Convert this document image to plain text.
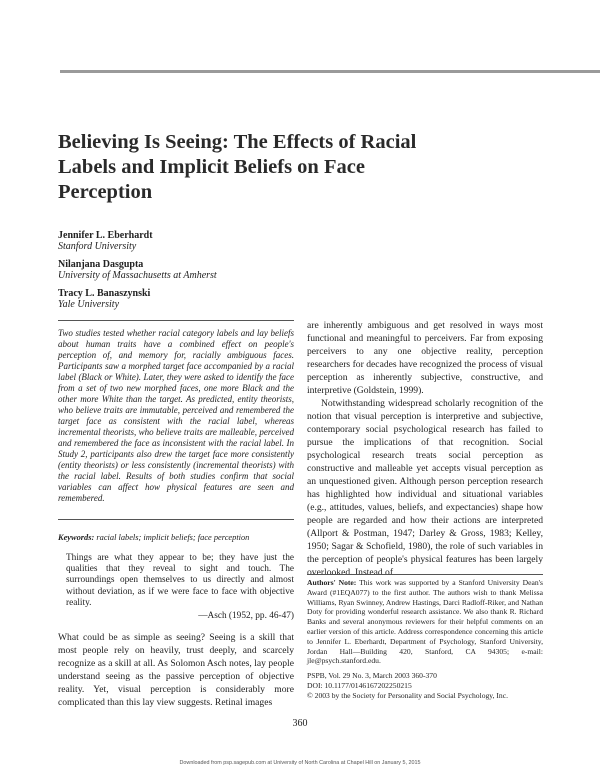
Believing Is Seeing: The Effects of Racial Labels and Implicit Beliefs on Face Perception
Jennifer L. Eberhardt
Stanford University
Nilanjana Dasgupta
University of Massachusetts at Amherst
Tracy L. Banaszynski
Yale University

Two studies tested whether racial category labels and lay beliefs about human traits have a combined effect on people's perception of, and memory for, racially ambiguous faces. Participants saw a morphed target face accompanied by a racial label (Black or White). Later, they were asked to identify the face from a set of two new morphed faces, one more Black and the other more White than the target. As predicted, entity theorists, who believe traits are immutable, perceived and remembered the target face as consistent with the racial label, whereas incremental theorists, who believe traits are malleable, perceived and remembered the face as inconsistent with the racial label. In Study 2, participants also drew the target face more consistently (entity theorists) or less consistently (incremental theorists) with the racial label. Results of both studies confirm that social variables can affect how physical features are seen and remembered.

Keywords: racial labels; implicit beliefs; face perception

Things are what they appear to be; they have just the qualities that they reveal to sight and touch. The surroundings open themselves to us directly and almost without deviation, as if we were face to face with objective reality.

—Asch (1952, pp. 46-47)

What could be as simple as seeing? Seeing is a skill that most people rely on heavily, trust deeply, and scarcely recognize as a skill at all. As Solomon Asch notes, lay people understand seeing as the passive perception of objective reality. Yet, visual perception is considerably more complicated than this lay view suggests. Retinal images

are inherently ambiguous and get resolved in ways most functional and meaningful to perceivers. Far from exposing perceivers to any one objective reality, perception researchers for decades have recognized the process of visual perception as inherently subjective, constructive, and interpretive (Goldstein, 1999).

Notwithstanding widespread scholarly recognition of the notion that visual perception is interpretive and subjective, contemporary social psychological research has failed to pursue the implications of that recognition. Social psychological research treats social perception as constructive and malleable yet accepts visual perception as an unquestioned given. Although person perception research has highlighted how individual and situational variables (e.g., attitudes, values, beliefs, and expectancies) shape how people are regarded and how their actions are interpreted (Allport & Postman, 1947; Darley & Gross, 1983; Kelley, 1950; Sagar & Schofield, 1980), the role of such variables in the perception of people's physical features has been largely overlooked. Instead of

Authors' Note: This work was supported by a Stanford University Dean's Award (#1EQA077) to the first author. The authors wish to thank Melissa Williams, Ryan Swinney, Andrew Hastings, Darci Radloff-Riker, and Nathan Doty for providing wonderful research assistance. We also thank R. Richard Banks and several anonymous reviewers for their helpful comments on an earlier version of this article. Address correspondence concerning this article to Jennifer L. Eberhardt, Department of Psychology, Stanford University, Jordan Hall—Building 420, Stanford, CA 94305; e-mail: jle@psych.stanford.edu.

PSPB, Vol. 29 No. 3, March 2003 360-370

DOI: 10.1177/0146167202250215

© 2003 by the Society for Personality and Social Psychology, Inc.

360

Downloaded from psp.sagepub.com at University of North Carolina at Chapel Hill on January 5, 2015
